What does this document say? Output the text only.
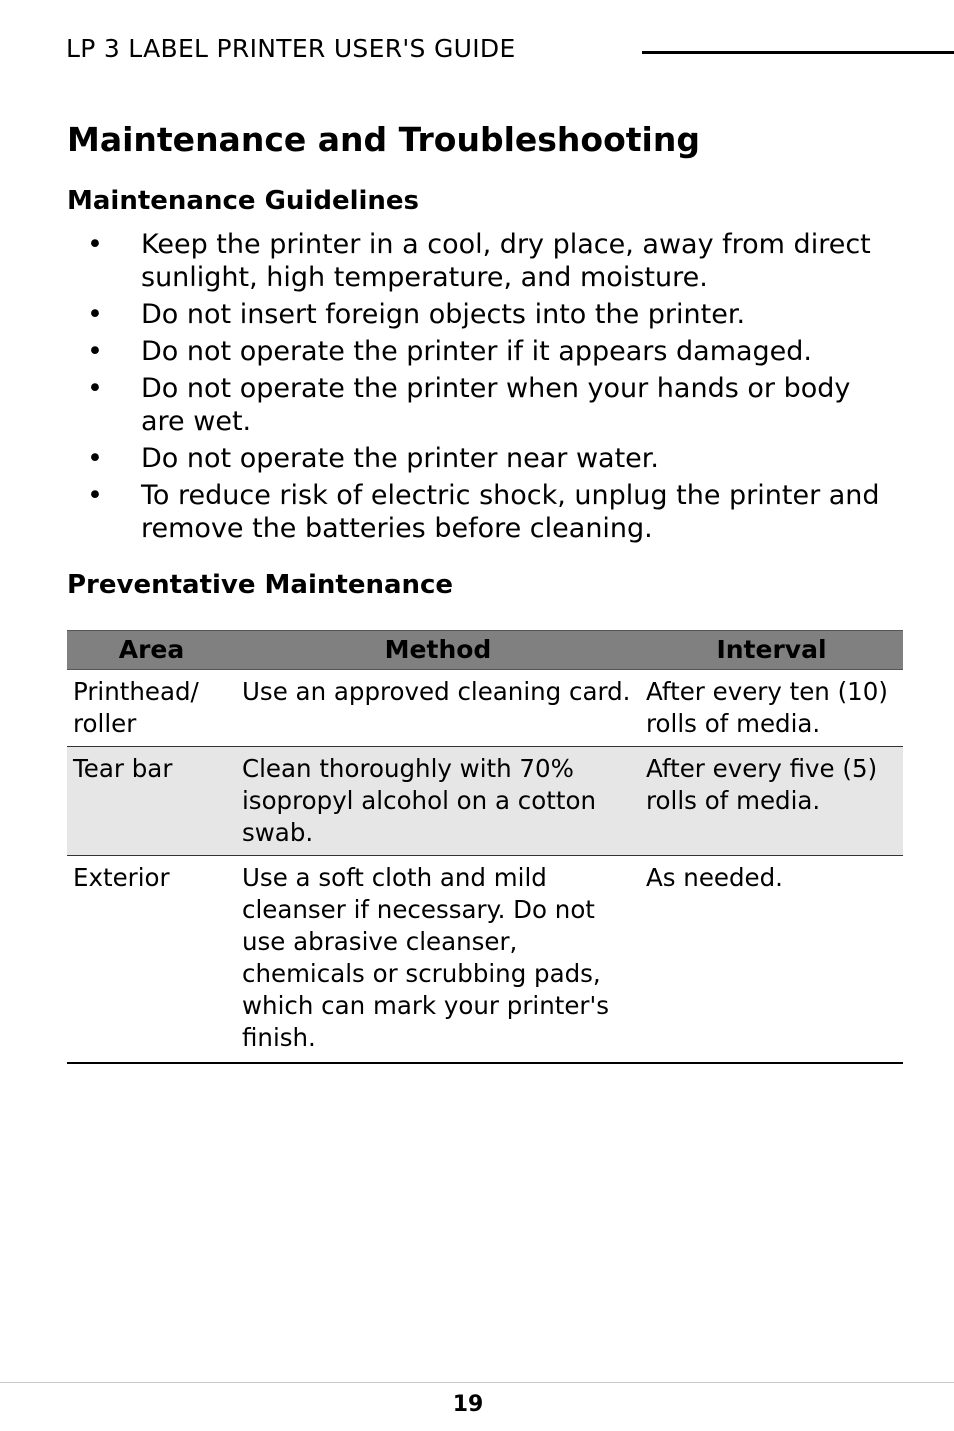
LP 3 LABEL PRINTER USER'S GUIDE
Maintenance and Troubleshooting
Maintenance Guidelines
• Keep the printer in a cool, dry place, away from direct sunlight, high temperature, and moisture.
• Do not insert foreign objects into the printer.
• Do not operate the printer if it appears damaged.
• Do not operate the printer when your hands or body are wet.
• Do not operate the printer near water.
• To reduce risk of electric shock, unplug the printer and remove the batteries before cleaning.
Preventative Maintenance
Area	Method	Interval
Printhead/ roller	Use an approved cleaning card.	After every ten (10) rolls of media.
Tear bar	Clean thoroughly with 70% isopropyl alcohol on a cotton swab.	After every five (5) rolls of media.
Exterior	Use a soft cloth and mild cleanser if necessary. Do not use abrasive cleanser, chemicals or scrubbing pads, which can mark your printer's finish.	As needed.
19
